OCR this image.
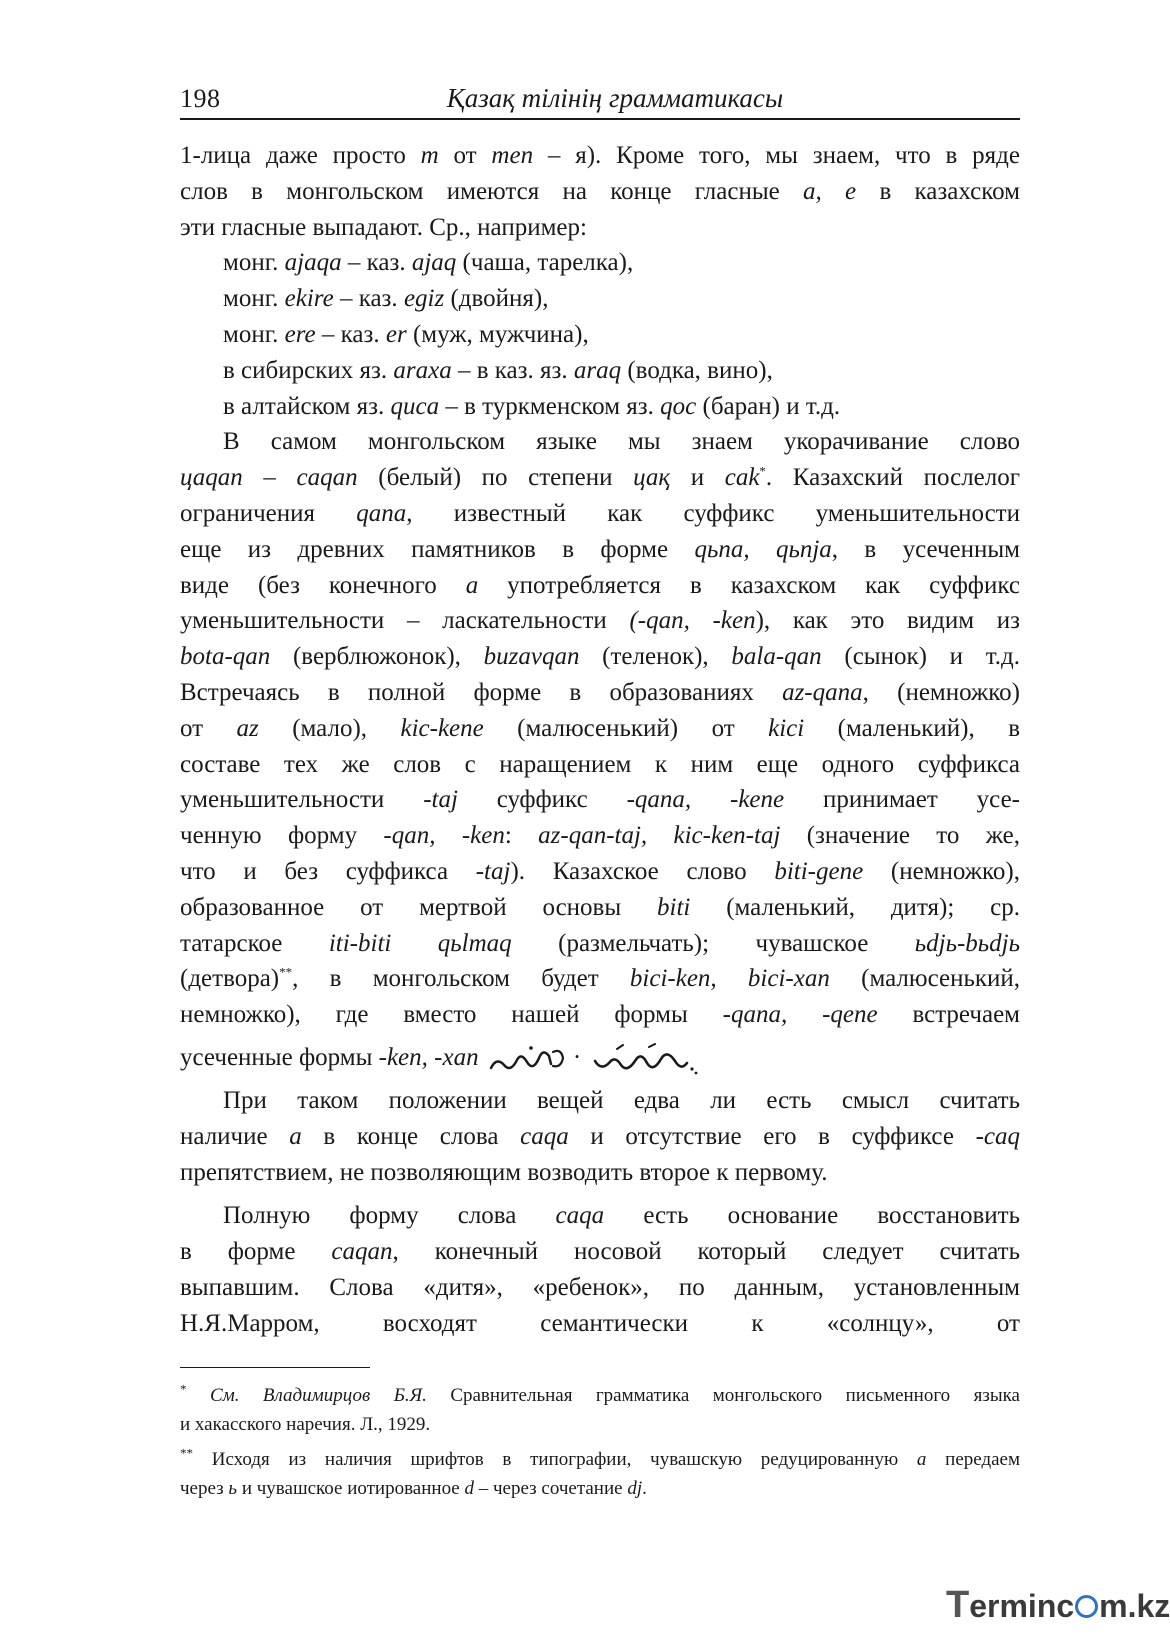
198	Қазақ тілінің грамматикасы
1-лица даже просто m от men – я). Кроме того, мы знаем, что в ряде
слов в монгольском имеются на конце гласные a, e в казахском
эти гласные выпадают. Ср., например:
монг. ajaqa – каз. ajaq (чаша, тарелка),
монг. ekire – каз. egiz (двойня),
монг. ere – каз. er (муж, мужчина),
в сибирских яз. araxa – в каз. яз. araq (водка, вино),
в алтайском яз. quca – в туркменском яз. qoc (баран) и т.д.
В самом монгольском языке мы знаем укорачивание слово
цаqan – caqan (белый) по степени цақ и cak*. Казахский послелог
ограничения qana, известный как суффикс уменьшительности
еще из древних памятников в форме qьna, qьnja, в усеченным
виде (без конечного a употребляется в казахском как суффикс
уменьшительности – ласкательности (-qan, -ken), как это видим из
bota-qan (верблюжонок), buzavqan (теленок), bala-qan (сынок) и т.д.
Встречаясь в полной форме в образованиях az-qana, (немножко)
от az (мало), kic-kene (малюсенький) от kici (маленький), в
составе тех же слов с наращением к ним еще одного суффикса
уменьшительности -taj суффикс -qana, -kene принимает усе-
ченную форму -qan, -ken: az-qan-taj, kic-ken-taj (значение то же,
что и без суффикса -taj). Казахское слово biti-gene (немножко),
образованное от мертвой основы biti (маленький, дитя); ср.
татарское iti-biti qьlmaq (размельчать); чувашское ьdjь-bьdjь
(детвора)**, в монгольском будет bici-ken, bici-xan (малюсенький,
немножко), где вместо нашей формы -qana, -qene встречаем
усеченные формы -ken, -xan	·
При таком положении вещей едва ли есть смысл считать
наличие a в конце слова caqa и отсутствие его в суффиксе -caq
препятствием, не позволяющим возводить второе к первому.
Полную форму слова caqa есть основание восстановить
в форме caqan, конечный носовой который следует считать
выпавшим. Слова «дитя», «ребенок», по данным, установленным
Н.Я.Марром, восходят семантически к «солнцу», от
* См. Владимирцов Б.Я. Сравнительная грамматика монгольского письменного языка
и хакасского наречия. Л., 1929.
** Исходя из наличия шрифтов в типографии, чувашскую редуцированную a передаем
через ь и чувашское иотированное d – через сочетание dj.
Terminc m.kz
